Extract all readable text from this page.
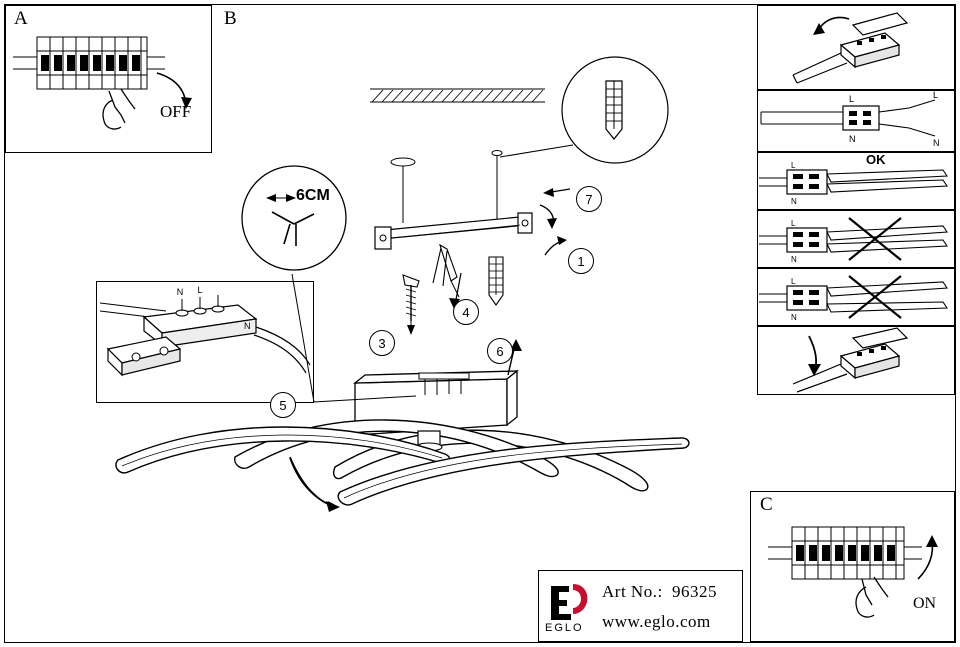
A
OFF
B
6CM
N L
N
1
3
4
5
6
7
L
N
L
N
L
N
OK
L
N
L
N
C
ON
EGLO
Art No.: 96325
www.eglo.com
